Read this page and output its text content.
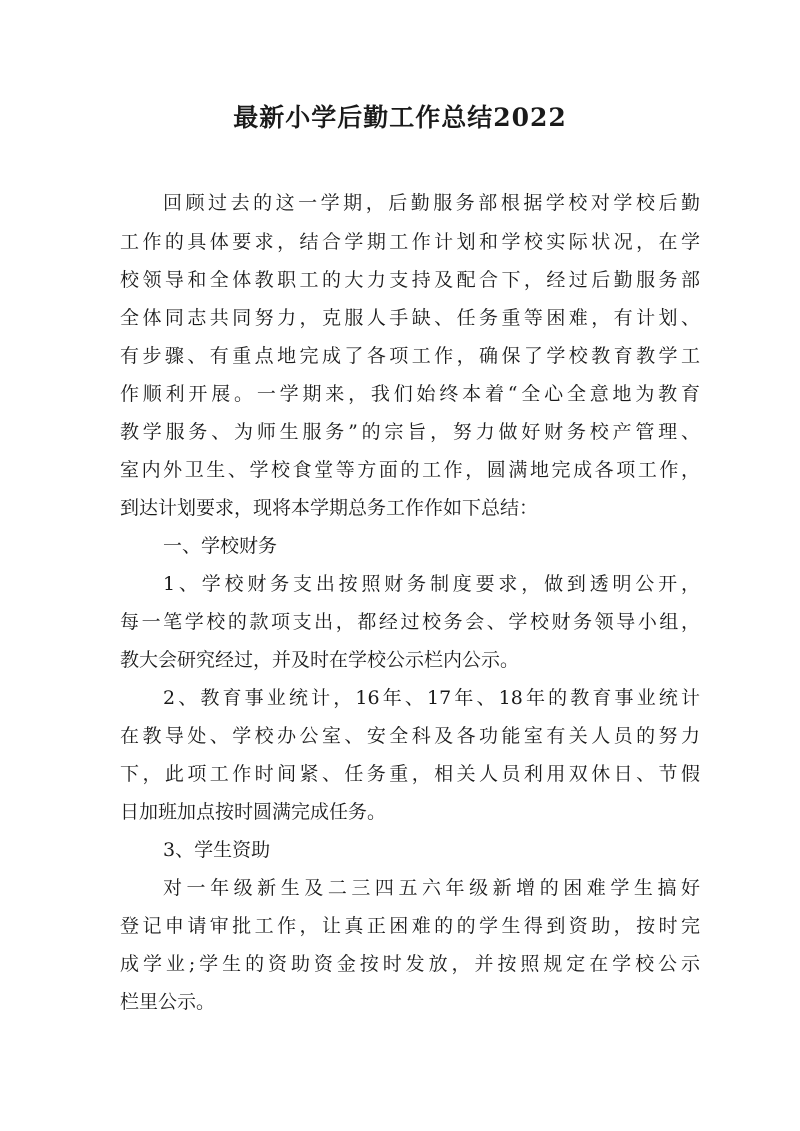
最新小学后勤工作总结2022
回顾过去的这一学期，后勤服务部根据学校对学校后勤
工作的具体要求，结合学期工作计划和学校实际状况，在学
校领导和全体教职工的大力支持及配合下，经过后勤服务部
全体同志共同努力，克服人手缺、任务重等困难，有计划、
有步骤、有重点地完成了各项工作，确保了学校教育教学工
作顺利开展。一学期来，我们始终本着“全心全意地为教育
教学服务、为师生服务”的宗旨，努力做好财务校产管理、
室内外卫生、学校食堂等方面的工作，圆满地完成各项工作，
到达计划要求，现将本学期总务工作作如下总结：
一、学校财务
1、学校财务支出按照财务制度要求，做到透明公开，
每一笔学校的款项支出，都经过校务会、学校财务领导小组，
教大会研究经过，并及时在学校公示栏内公示。
2、教育事业统计，16年、17年、18年的教育事业统计
在教导处、学校办公室、安全科及各功能室有关人员的努力
下，此项工作时间紧、任务重，相关人员利用双休日、节假
日加班加点按时圆满完成任务。
3、学生资助
对一年级新生及二三四五六年级新增的困难学生搞好
登记申请审批工作，让真正困难的的学生得到资助，按时完
成学业;学生的资助资金按时发放，并按照规定在学校公示
栏里公示。
